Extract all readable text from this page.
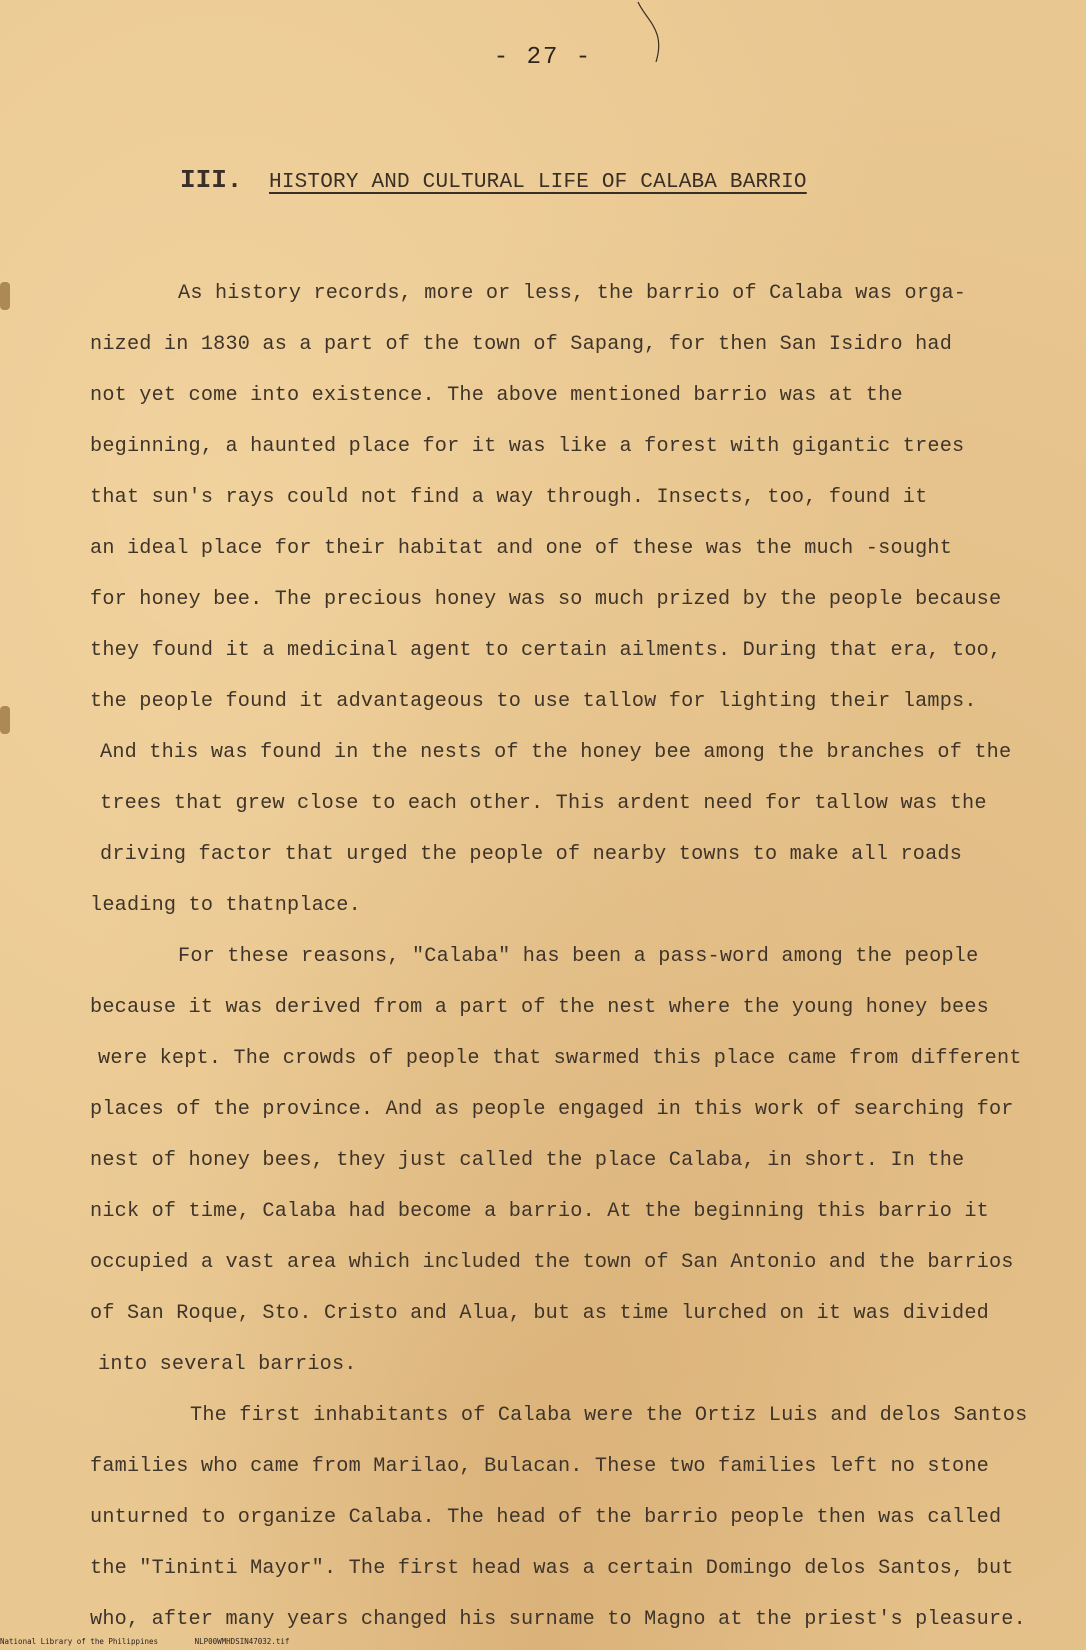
- 27 -
III. HISTORY AND CULTURAL LIFE OF CALABA BARRIO
As history records, more or less, the barrio of Calaba was orga-
nized in 1830 as a part of the town of Sapang, for then San Isidro had
not yet come into existence. The above mentioned barrio was at the
beginning, a haunted place for it was like a forest with gigantic trees
that sun's rays could not find a way through. Insects, too, found it
an ideal place for their habitat and one of these was the much -sought
for honey bee. The precious honey was so much prized by the people because
they found it a medicinal agent to certain ailments. During that era, too,
the people found it advantageous to use tallow for lighting their lamps.
And this was found in the nests of the honey bee among the branches of the
trees that grew close to each other. This ardent need for tallow was the
driving factor that urged the people of nearby towns to make all roads
leading to thatnplace.
For these reasons, "Calaba" has been a pass-word among the people
because it was derived from a part of the nest where the young honey bees
were kept. The crowds of people that swarmed this place came from different
places of the province. And as people engaged in this work of searching for
nest of honey bees, they just called the place Calaba, in short. In the
nick of time, Calaba had become a barrio. At the beginning this barrio it
occupied a vast area which included the town of San Antonio and the barrios
of San Roque, Sto. Cristo and Alua, but as time lurched on it was divided
into several barrios.
The first inhabitants of Calaba were the Ortiz Luis and delos Santos
families who came from Marilao, Bulacan. These two families left no stone
unturned to organize Calaba. The head of the barrio people then was called
the "Tininti Mayor". The first head was a certain Domingo delos Santos, but
who, after many years changed his surname to Magno at the priest's pleasure.
National Library of the Philippines	NLP00WMHDSIN47032.tif
